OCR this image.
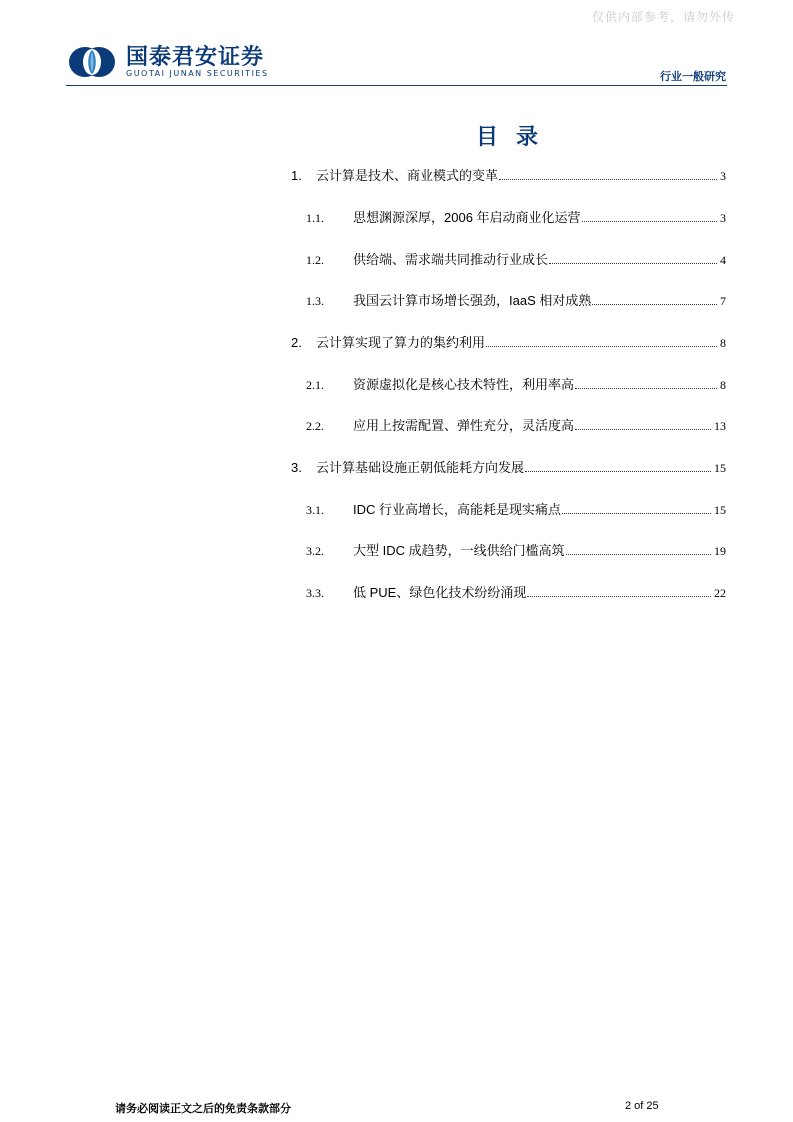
仅供内部参考，请勿外传
国泰君安证券
GUOTAI JUNAN SECURITIES	行业一般研究
目 录
1.	云计算是技术、商业模式的变革	3
1.1.	思想渊源深厚，2006 年启动商业化运营	3
1.2.	供给端、需求端共同推动行业成长	4
1.3.	我国云计算市场增长强劲，IaaS 相对成熟	7
2.	云计算实现了算力的集约利用	8
2.1.	资源虚拟化是核心技术特性，利用率高	8
2.2.	应用上按需配置、弹性充分，灵活度高	13
3.	云计算基础设施正朝低能耗方向发展	15
3.1.	IDC 行业高增长，高能耗是现实痛点	15
3.2.	大型 IDC 成趋势，一线供给门槛高筑	19
3.3.	低 PUE、绿色化技术纷纷涌现	22
请务必阅读正文之后的免责条款部分	2 of 25
